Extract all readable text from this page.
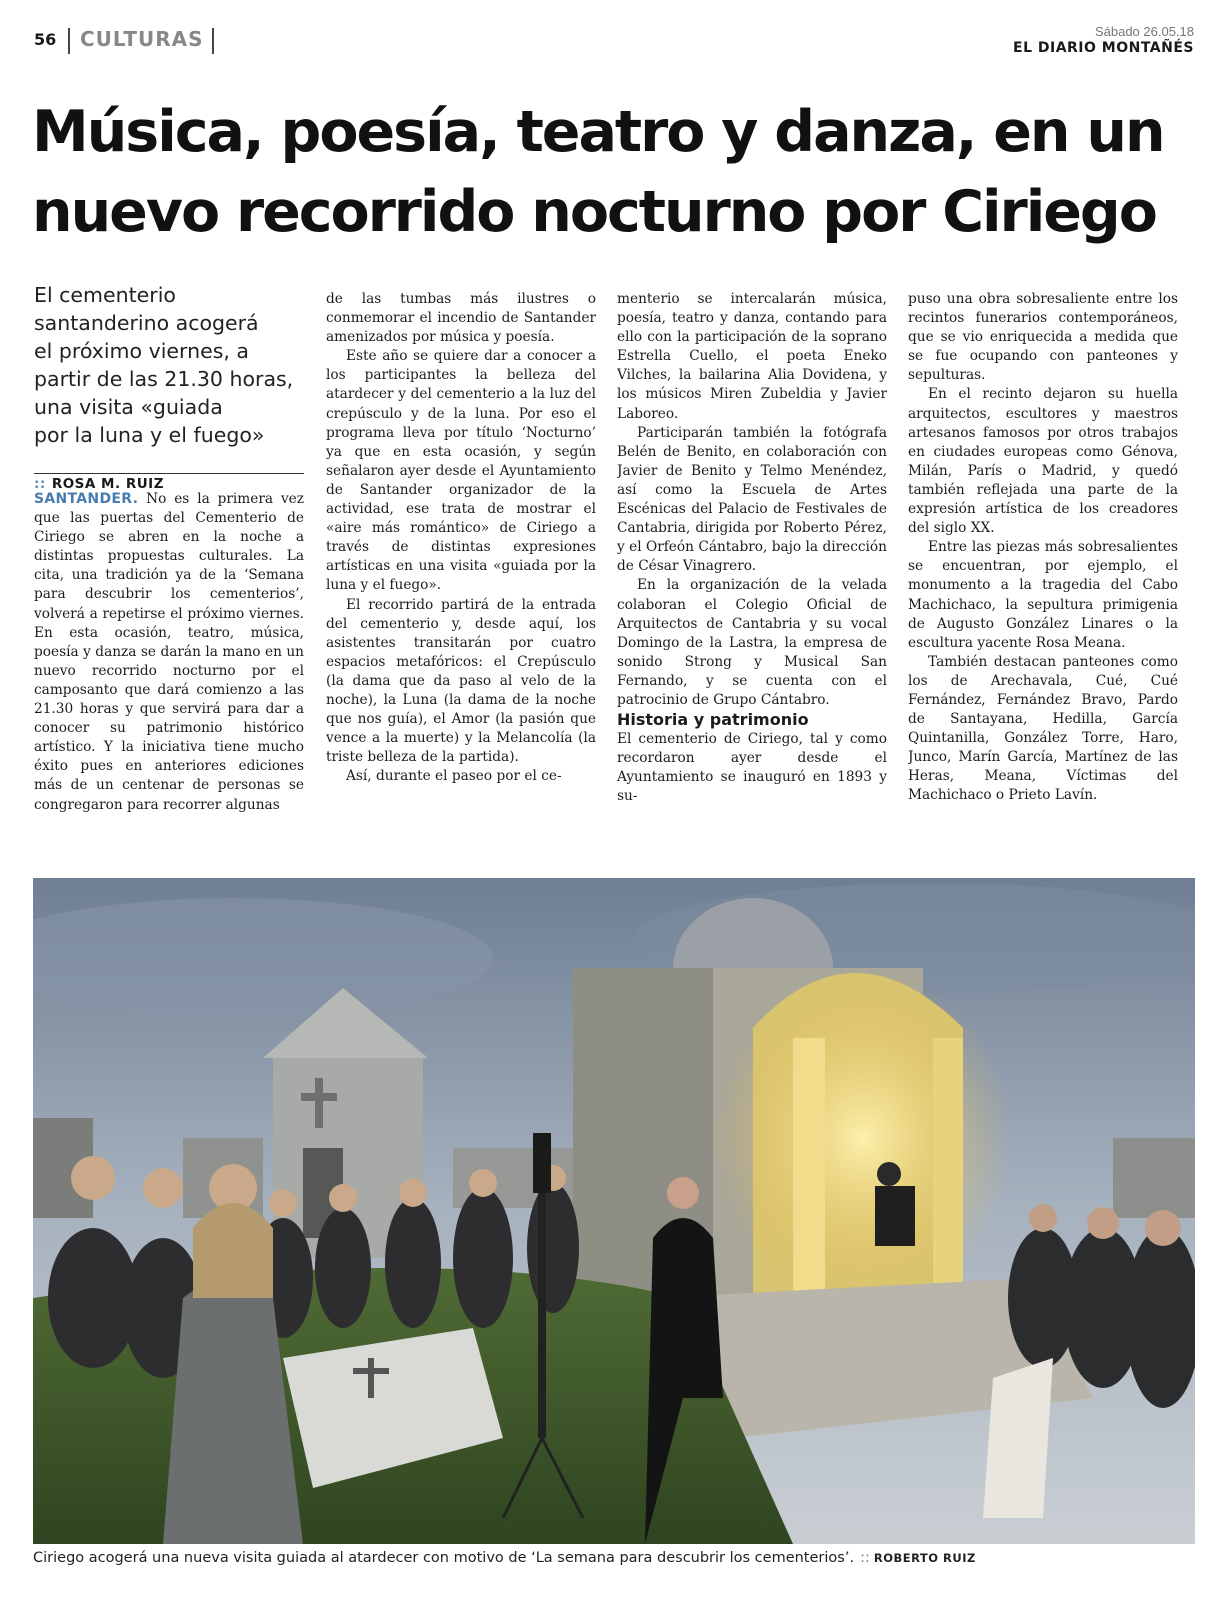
56 CULTURAS	Sábado 26.05.18
EL DIARIO MONTAÑÉS
Música, poesía, teatro y danza, en un nuevo recorrido nocturno por Ciriego
El cementerio
santanderino acogerá
el próximo viernes, a
partir de las 21.30 horas,
una visita «guiada
por la luna y el fuego»
:: ROSA M. RUIZ

SANTANDER. No es la primera vez que las puertas del Cementerio de Ciriego se abren en la noche a distintas propuestas culturales. La cita, una tradición ya de la ‘Semana para descubrir los cementerios’, volverá a repetirse el próximo viernes. En esta ocasión, teatro, música, poesía y danza se darán la mano en un nuevo recorrido nocturno por el camposanto que dará comienzo a las 21.30 horas y que servirá para dar a conocer su patrimonio histórico artístico. Y la iniciativa tiene mucho éxito pues en anteriores ediciones más de un centenar de personas se congregaron para recorrer algunas

de las tumbas más ilustres o conmemorar el incendio de Santander amenizados por música y poesía.

Este año se quiere dar a conocer a los participantes la belleza del atardecer y del cementerio a la luz del crepúsculo y de la luna. Por eso el programa lleva por título ‘Nocturno’ ya que en esta ocasión, y según señalaron ayer desde el Ayuntamiento de Santander organizador de la actividad, ese trata de mostrar el «aire más romántico» de Ciriego a través de distintas expresiones artísticas en una visita «guiada por la luna y el fuego».

El recorrido partirá de la entrada del cementerio y, desde aquí, los asistentes transitarán por cuatro espacios metafóricos: el Crepúsculo (la dama que da paso al velo de la noche), la Luna (la dama de la noche que nos guía), el Amor (la pasión que vence a la muerte) y la Melancolía (la triste belleza de la partida).

Así, durante el paseo por el ce-

menterio se intercalarán música, poesía, teatro y danza, contando para ello con la participación de la soprano Estrella Cuello, el poeta Eneko Vilches, la bailarina Alia Dovidena, y los músicos Miren Zubeldia y Javier Laboreo.

Participarán también la fotógrafa Belén de Benito, en colaboración con Javier de Benito y Telmo Menéndez, así como la Escuela de Artes Escénicas del Palacio de Festivales de Cantabria, dirigida por Roberto Pérez, y el Orfeón Cántabro, bajo la dirección de César Vinagrero.

En la organización de la velada colaboran el Colegio Oficial de Arquitectos de Cantabria y su vocal Domingo de la Lastra, la empresa de sonido Strong y Musical San Fernando, y se cuenta con el patrocinio de Grupo Cántabro.

Historia y patrimonio

El cementerio de Ciriego, tal y como recordaron ayer desde el Ayuntamiento se inauguró en 1893 y su-

puso una obra sobresaliente entre los recintos funerarios contemporáneos, que se vio enriquecida a medida que se fue ocupando con panteones y sepulturas.

En el recinto dejaron su huella arquitectos, escultores y maestros artesanos famosos por otros trabajos en ciudades europeas como Génova, Milán, París o Madrid, y quedó también reflejada una parte de la expresión artística de los creadores del siglo XX.

Entre las piezas más sobresalientes se encuentran, por ejemplo, el monumento a la tragedia del Cabo Machichaco, la sepultura primigenia de Augusto González Linares o la escultura yacente Rosa Meana.

También destacan panteones como los de Arechavala, Cué, Cué Fernández, Fernández Bravo, Pardo de Santayana, Hedilla, García Quintanilla, González Torre, Haro, Junco, Marín García, Martínez de las Heras, Meana, Víctimas del Machichaco o Prieto Lavín.

Ciriego acogerá una nueva visita guiada al atardecer con motivo de ‘La semana para descubrir los cementerios’. :: ROBERTO RUIZ
